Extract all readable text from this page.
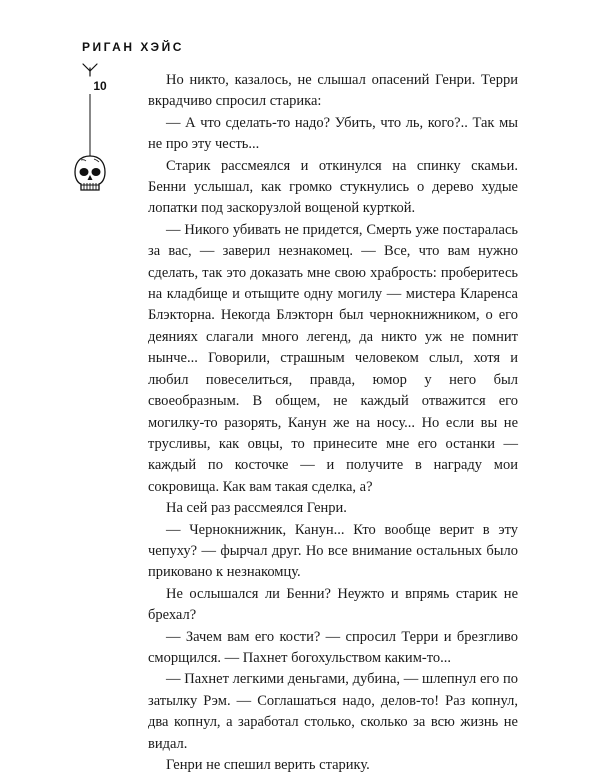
РИГАН ХЭЙС
10	Но никто, казалось, не слышал опасений Генри. Терри вкрадчиво спросил старика:

— А что сделать-то надо? Убить, что ль, кого?.. Так мы не про эту честь...

Старик рассмеялся и откинулся на спинку скамьи. Бенни услышал, как громко стукнулись о дерево худые лопатки под заскорузлой вощеной курткой.

— Никого убивать не придется, Смерть уже постаралась за вас, — заверил незнакомец. — Все, что вам нужно сделать, так это доказать мне свою храбрость: проберитесь на кладбище и отыщите одну могилу — мистера Кларенса Блэкторна. Некогда Блэкторн был чернокнижником, о его деяниях слагали много легенд, да никто уж не помнит нынче... Говорили, страшным человеком слыл, хотя и любил повеселиться, правда, юмор у него был своеобразным. В общем, не каждый отважится его могилку-то разорять, Канун же на носу... Но если вы не трусливы, как овцы, то принесите мне его останки — каждый по косточке — и получите в награду мои сокровища. Как вам такая сделка, а?

На сей раз рассмеялся Генри.

— Чернокнижник, Канун... Кто вообще верит в эту чепуху? — фырчал друг. Но все внимание остальных было приковано к незнакомцу.

Не ослышался ли Бенни? Неужто и впрямь старик не брехал?

— Зачем вам его кости? — спросил Терри и брезгливо сморщился. — Пахнет богохульством каким-то...

— Пахнет легкими деньгами, дубина, — шлепнул его по затылку Рэм. — Соглашаться надо, делов-то! Раз копнул, два копнул, а заработал столько, сколько за всю жизнь не видал.

Генри не спешил верить старику.
